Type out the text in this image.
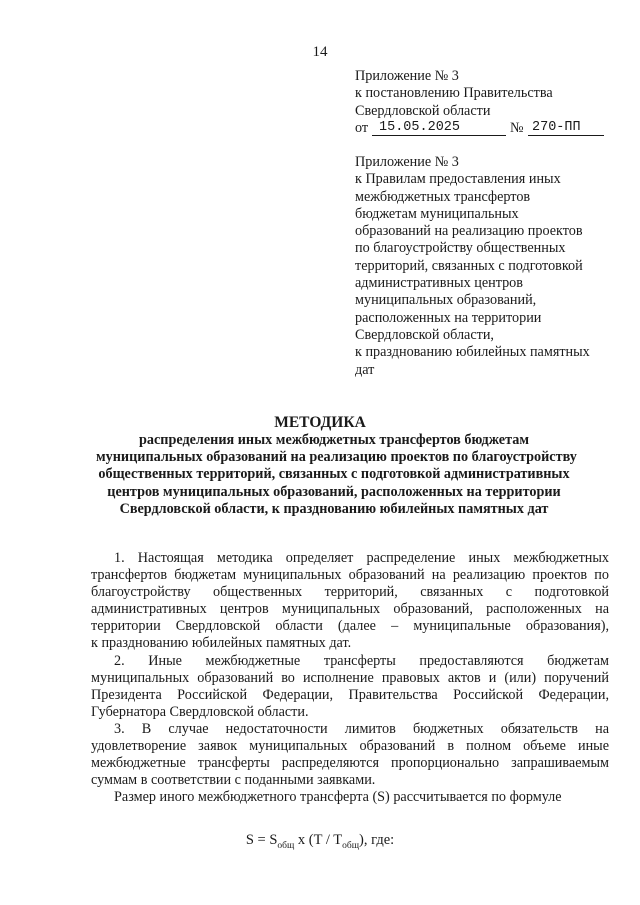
14
Приложение № 3
к постановлению Правительства
Свердловской области
от 15.05.2025	№ 270-ПП
Приложение № 3
к Правилам предоставления иных
межбюджетных трансфертов
бюджетам муниципальных
образований на реализацию проектов
по благоустройству общественных
территорий, связанных с подготовкой
административных центров
муниципальных образований,
расположенных на территории
Свердловской области,
к празднованию юбилейных памятных
дат
МЕТОДИКА
распределения иных межбюджетных трансфертов бюджетам
муниципальных образований на реализацию проектов по благоустройству
общественных территорий, связанных с подготовкой административных
центров муниципальных образований, расположенных на территории
Свердловской области, к празднованию юбилейных памятных дат

1. Настоящая методика определяет распределение иных межбюджетных

трансфертов бюджетам муниципальных образований на реализацию проектов по

благоустройству общественных территорий, связанных с подготовкой

административных центров муниципальных образований, расположенных на

территории Свердловской области (далее – муниципальные образования),

к празднованию юбилейных памятных дат.

2. Иные межбюджетные трансферты предоставляются бюджетам

муниципальных образований во исполнение правовых актов и (или) поручений

Президента Российской Федерации, Правительства Российской Федерации,

Губернатора Свердловской области.

3. В случае недостаточности лимитов бюджетных обязательств на

удовлетворение заявок муниципальных образований в полном объеме иные

межбюджетные трансферты распределяются пропорционально запрашиваемым

суммам в соответствии с поданными заявками.

Размер иного межбюджетного трансферта (S) рассчитывается по формуле

$S = S_{общ}$ x $(T / T_{общ})$, где:
